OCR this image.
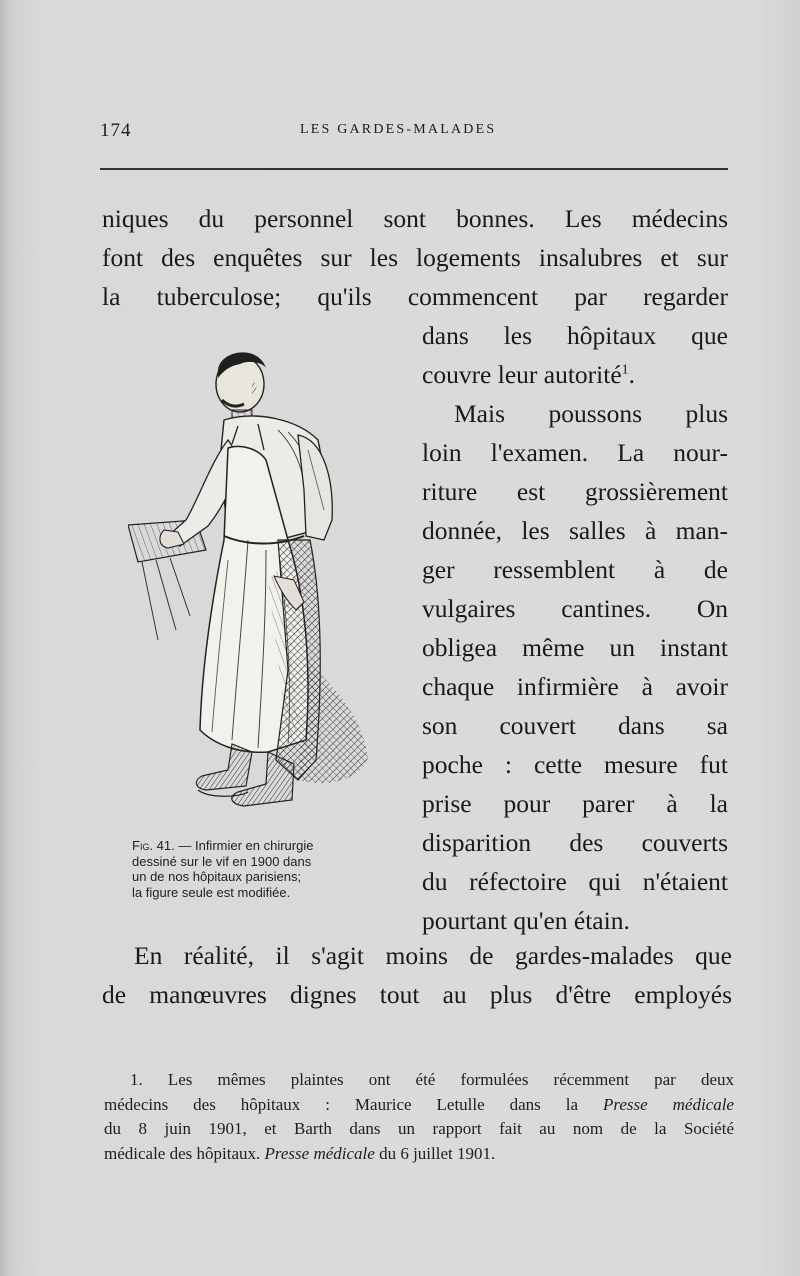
174	LES GARDES-MALADES
niques du personnel sont bonnes. Les médecins
font des enquêtes sur les logements insalubres et sur
la tuberculose; qu'ils commencent par regarder
dans les hôpitaux que
couvre leur autorité$^1$.
Mais poussons plus
loin l'examen. La nour-
riture est grossièrement
donnée, les salles à man-
ger ressemblent à de
vulgaires cantines. On
obligea même un instant
chaque infirmière à avoir
son couvert dans sa
poche : cette mesure fut
prise pour parer à la
disparition des couverts
du réfectoire qui n'étaient
pourtant qu'en étain.
Fig. 41. — Infirmier en chirurgie
dessiné sur le vif en 1900 dans
un de nos hôpitaux parisiens;
la figure seule est modifiée.
En réalité, il s'agit moins de gardes-malades que
de manœuvres dignes tout au plus d'être employés
1. Les mêmes plaintes ont été formulées récemment par deux
médecins des hôpitaux : Maurice Letulle dans la Presse médicale
du 8 juin 1901, et Barth dans un rapport fait au nom de la Société
médicale des hôpitaux. Presse médicale du 6 juillet 1901.
